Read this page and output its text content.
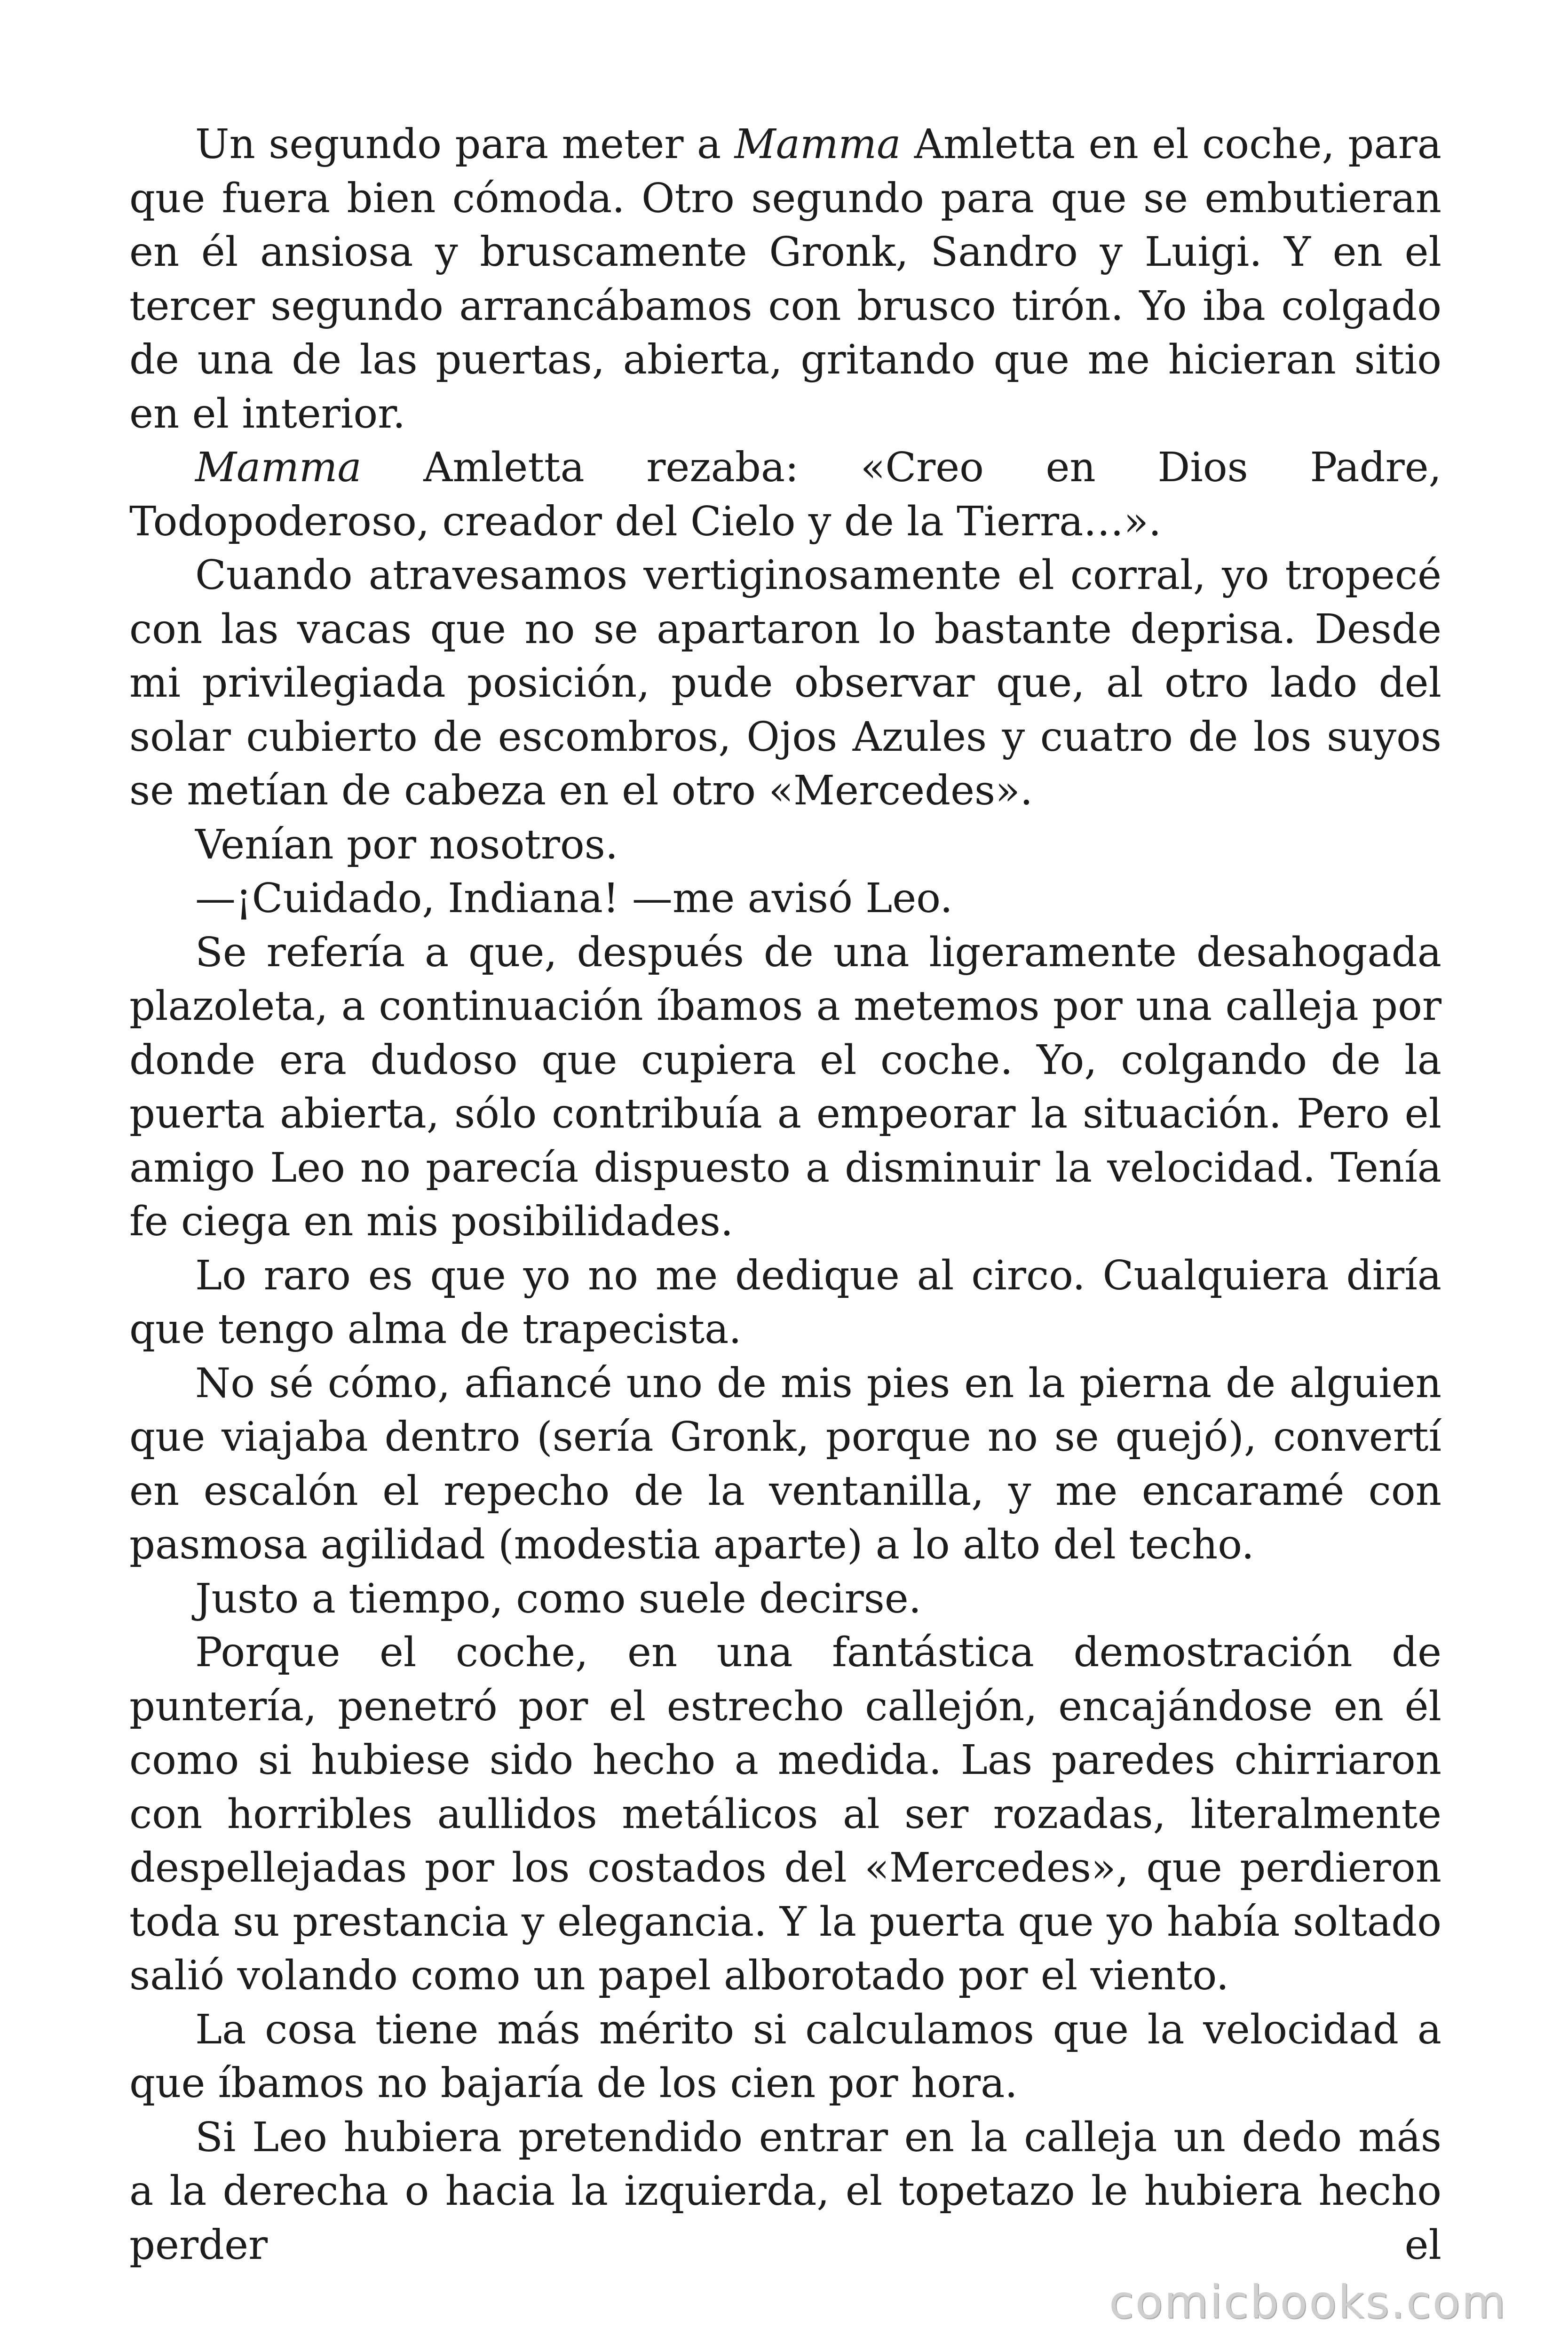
Un segundo para meter a Mamma Amletta en el coche, para que fuera bien cómoda. Otro segundo para que se embutieran en él ansiosa y bruscamente Gronk, Sandro y Luigi. Y en el tercer segundo arrancábamos con brusco tirón. Yo iba colgado de una de las puertas, abierta, gritando que me hicieran sitio en el interior.

Mamma Amletta rezaba: «Creo en Dios Padre, Todopoderoso, creador del Cielo y de la Tierra…».

Cuando atravesamos vertiginosamente el corral, yo tropecé con las vacas que no se apartaron lo bastante deprisa. Desde mi privilegiada posición, pude observar que, al otro lado del solar cubierto de escombros, Ojos Azules y cuatro de los suyos se metían de cabeza en el otro «Mercedes».

Venían por nosotros.

—¡Cuidado, Indiana! —me avisó Leo.

Se refería a que, después de una ligeramente desahogada plazoleta, a continuación íbamos a metemos por una calleja por donde era dudoso que cupiera el coche. Yo, colgando de la puerta abierta, sólo contribuía a empeorar la situación. Pero el amigo Leo no parecía dispuesto a disminuir la velocidad. Tenía fe ciega en mis posibilidades.

Lo raro es que yo no me dedique al circo. Cualquiera diría que tengo alma de trapecista.

No sé cómo, afiancé uno de mis pies en la pierna de alguien que viajaba dentro (sería Gronk, porque no se quejó), convertí en escalón el repecho de la ventanilla, y me encaramé con pasmosa agilidad (modestia aparte) a lo alto del techo.

Justo a tiempo, como suele decirse.

Porque el coche, en una fantástica demostración de puntería, penetró por el estrecho callejón, encajándose en él como si hubiese sido hecho a medida. Las paredes chirriaron con horribles aullidos metálicos al ser rozadas, literalmente despellejadas por los costados del «Mercedes», que perdieron toda su prestancia y elegancia. Y la puerta que yo había soltado salió volando como un papel alborotado por el viento.

La cosa tiene más mérito si calculamos que la velocidad a que íbamos no bajaría de los cien por hora.

Si Leo hubiera pretendido entrar en la calleja un dedo más a la derecha o hacia la izquierda, el topetazo le hubiera hecho perder el

comicbooks.com
